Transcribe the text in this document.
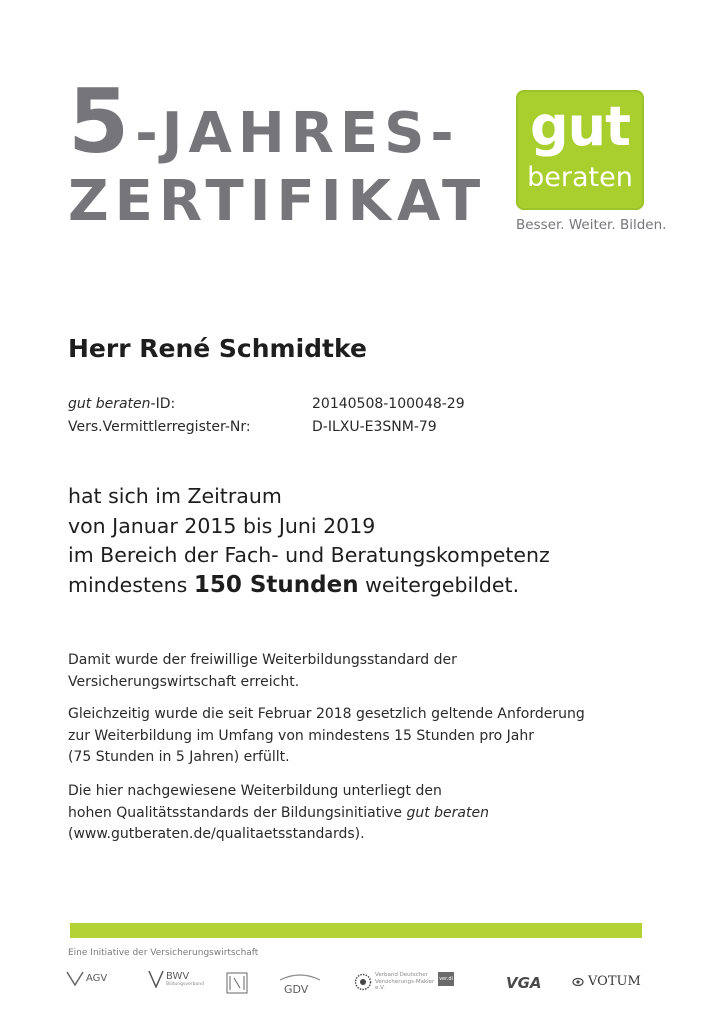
5 - JAHRES-
ZERTIFIKAT
gut
beraten
Besser. Weiter. Bilden.
Herr René Schmidtke
gut beraten-ID:	20140508-100048-29
Vers.Vermittlerregister-Nr:	D-ILXU-E3SNM-79
hat sich im Zeitraum
von Januar 2015 bis Juni 2019
im Bereich der Fach- und Beratungskompetenz
mindestens 150 Stunden weitergebildet.
Damit wurde der freiwillige Weiterbildungsstandard der
Versicherungswirtschaft erreicht.
Gleichzeitig wurde die seit Februar 2018 gesetzlich geltende Anforderung
zur Weiterbildung im Umfang von mindestens 15 Stunden pro Jahr
(75 Stunden in 5 Jahren) erfüllt.
Die hier nachgewiesene Weiterbildung unterliegt den
hohen Qualitätsstandards der Bildungsinitiative gut beraten
(www.gutberaten.de/qualitaetsstandards).
Eine Initiative der Versicherungswirtschaft
AGV	BWV
Bildungsverband	GDV
Verband Deutscher Versicherungs-Makler e.V.
ver.di	VGA	VOTUM
